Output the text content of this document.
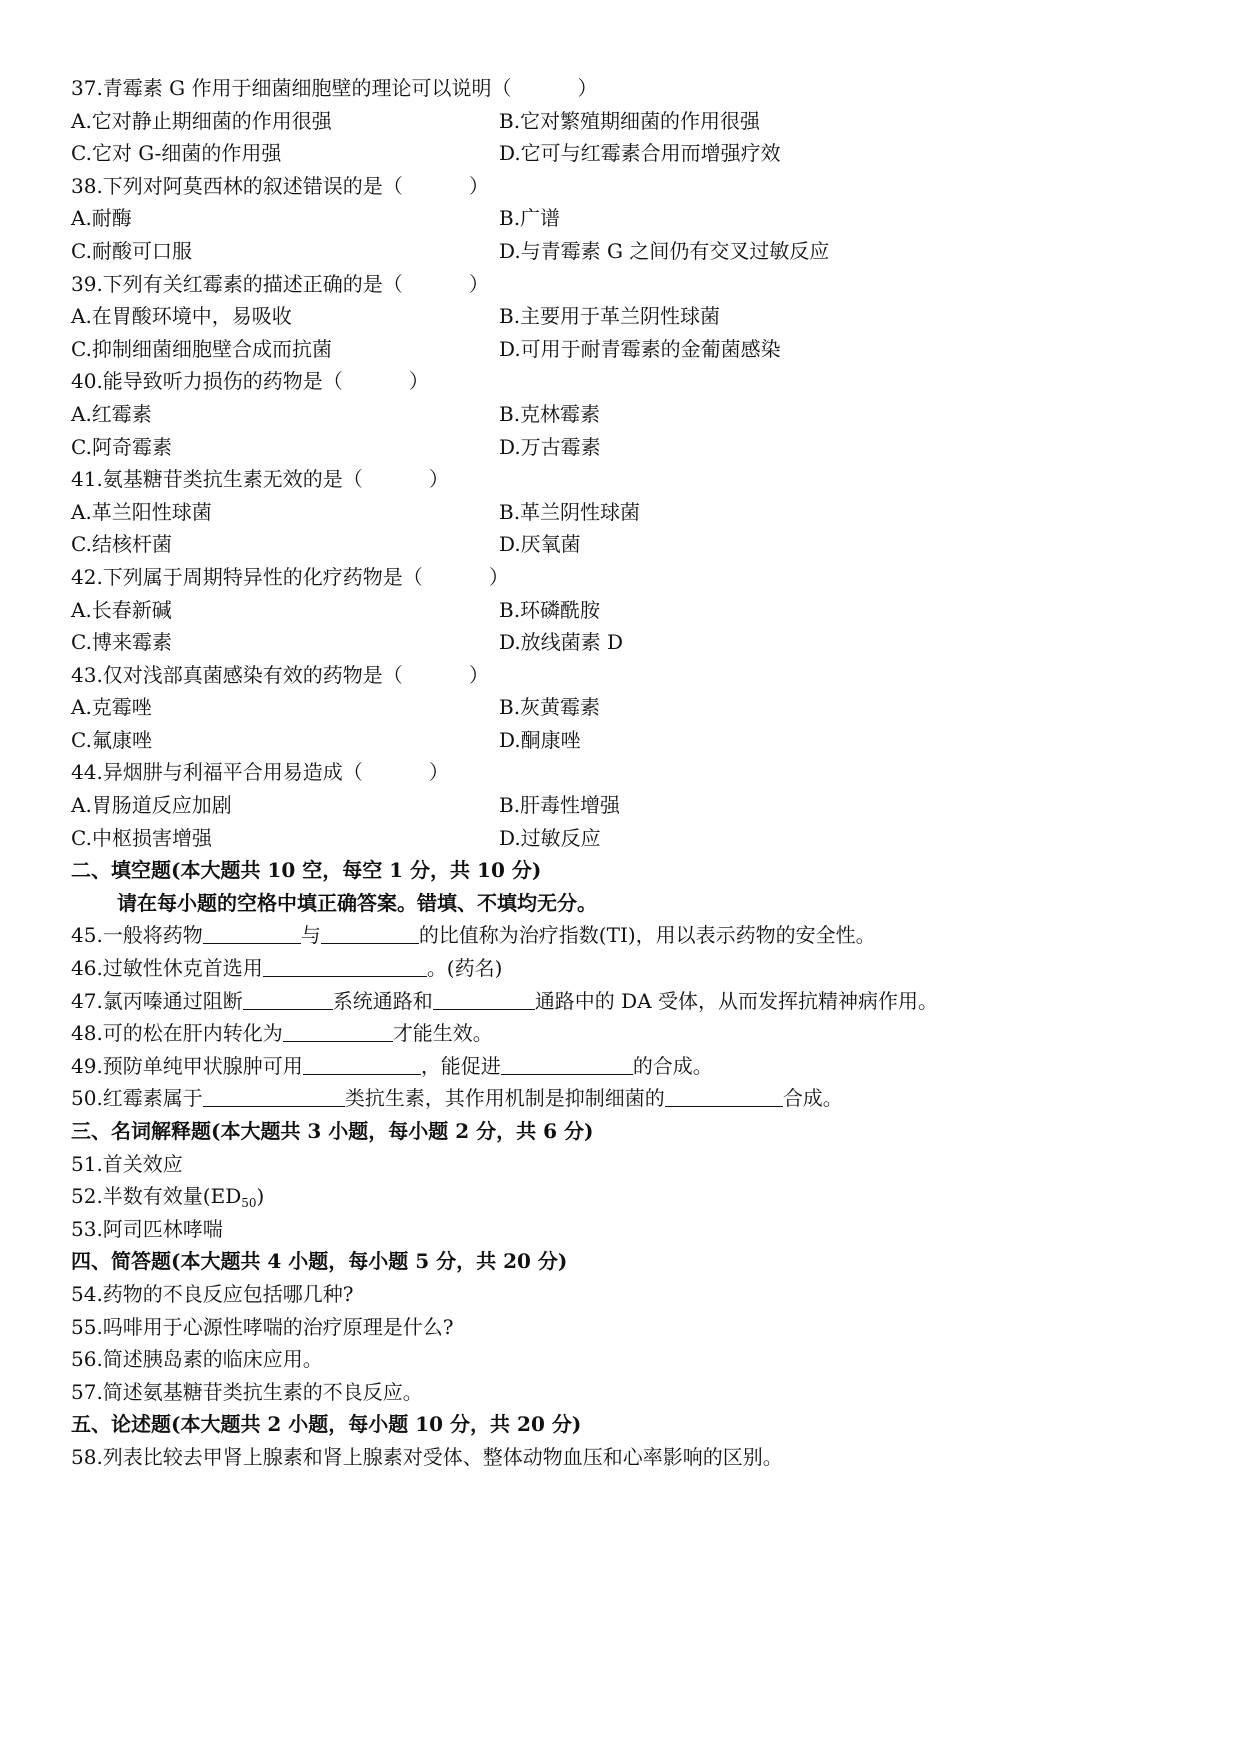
37.青霉素 G 作用于细菌细胞壁的理论可以说明（	）
A.它对静止期细菌的作用很强	B.它对繁殖期细菌的作用很强
C.它对 G-细菌的作用强	D.它可与红霉素合用而增强疗效
38.下列对阿莫西林的叙述错误的是（	）
A.耐酶	B.广谱
C.耐酸可口服	D.与青霉素 G 之间仍有交叉过敏反应
39.下列有关红霉素的描述正确的是（	）
A.在胃酸环境中，易吸收	B.主要用于革兰阴性球菌
C.抑制细菌细胞壁合成而抗菌	D.可用于耐青霉素的金葡菌感染
40.能导致听力损伤的药物是（	）
A.红霉素	B.克林霉素
C.阿奇霉素	D.万古霉素
41.氨基糖苷类抗生素无效的是（	）
A.革兰阳性球菌	B.革兰阴性球菌
C.结核杆菌	D.厌氧菌
42.下列属于周期特异性的化疗药物是（	）
A.长春新碱	B.环磷酰胺
C.博来霉素	D.放线菌素 D
43.仅对浅部真菌感染有效的药物是（	）
A.克霉唑	B.灰黄霉素
C.氟康唑	D.酮康唑
44.异烟肼与利福平合用易造成（	）
A.胃肠道反应加剧	B.肝毒性增强
C.中枢损害增强	D.过敏反应
二、填空题(本大题共 10 空，每空 1 分，共 10 分)
请在每小题的空格中填正确答案。错填、不填均无分。
45.一般将药物	与	的比值称为治疗指数(TI)，用以表示药物的安全性。
46.过敏性休克首选用	。(药名)
47.氯丙嗪通过阻断	系统通路和	通路中的 DA 受体，从而发挥抗精神病作用。
48.可的松在肝内转化为	才能生效。
49.预防单纯甲状腺肿可用	，能促进	的合成。
50.红霉素属于	类抗生素，其作用机制是抑制细菌的	合成。
三、名词解释题(本大题共 3 小题，每小题 2 分，共 6 分)
51.首关效应
52.半数有效量$(ED_{50})$
53.阿司匹林哮喘
四、简答题(本大题共 4 小题，每小题 5 分，共 20 分)
54.药物的不良反应包括哪几种?
55.吗啡用于心源性哮喘的治疗原理是什么?
56.简述胰岛素的临床应用。
57.简述氨基糖苷类抗生素的不良反应。
五、论述题(本大题共 2 小题，每小题 10 分，共 20 分)
58.列表比较去甲肾上腺素和肾上腺素对受体、整体动物血压和心率影响的区别。
